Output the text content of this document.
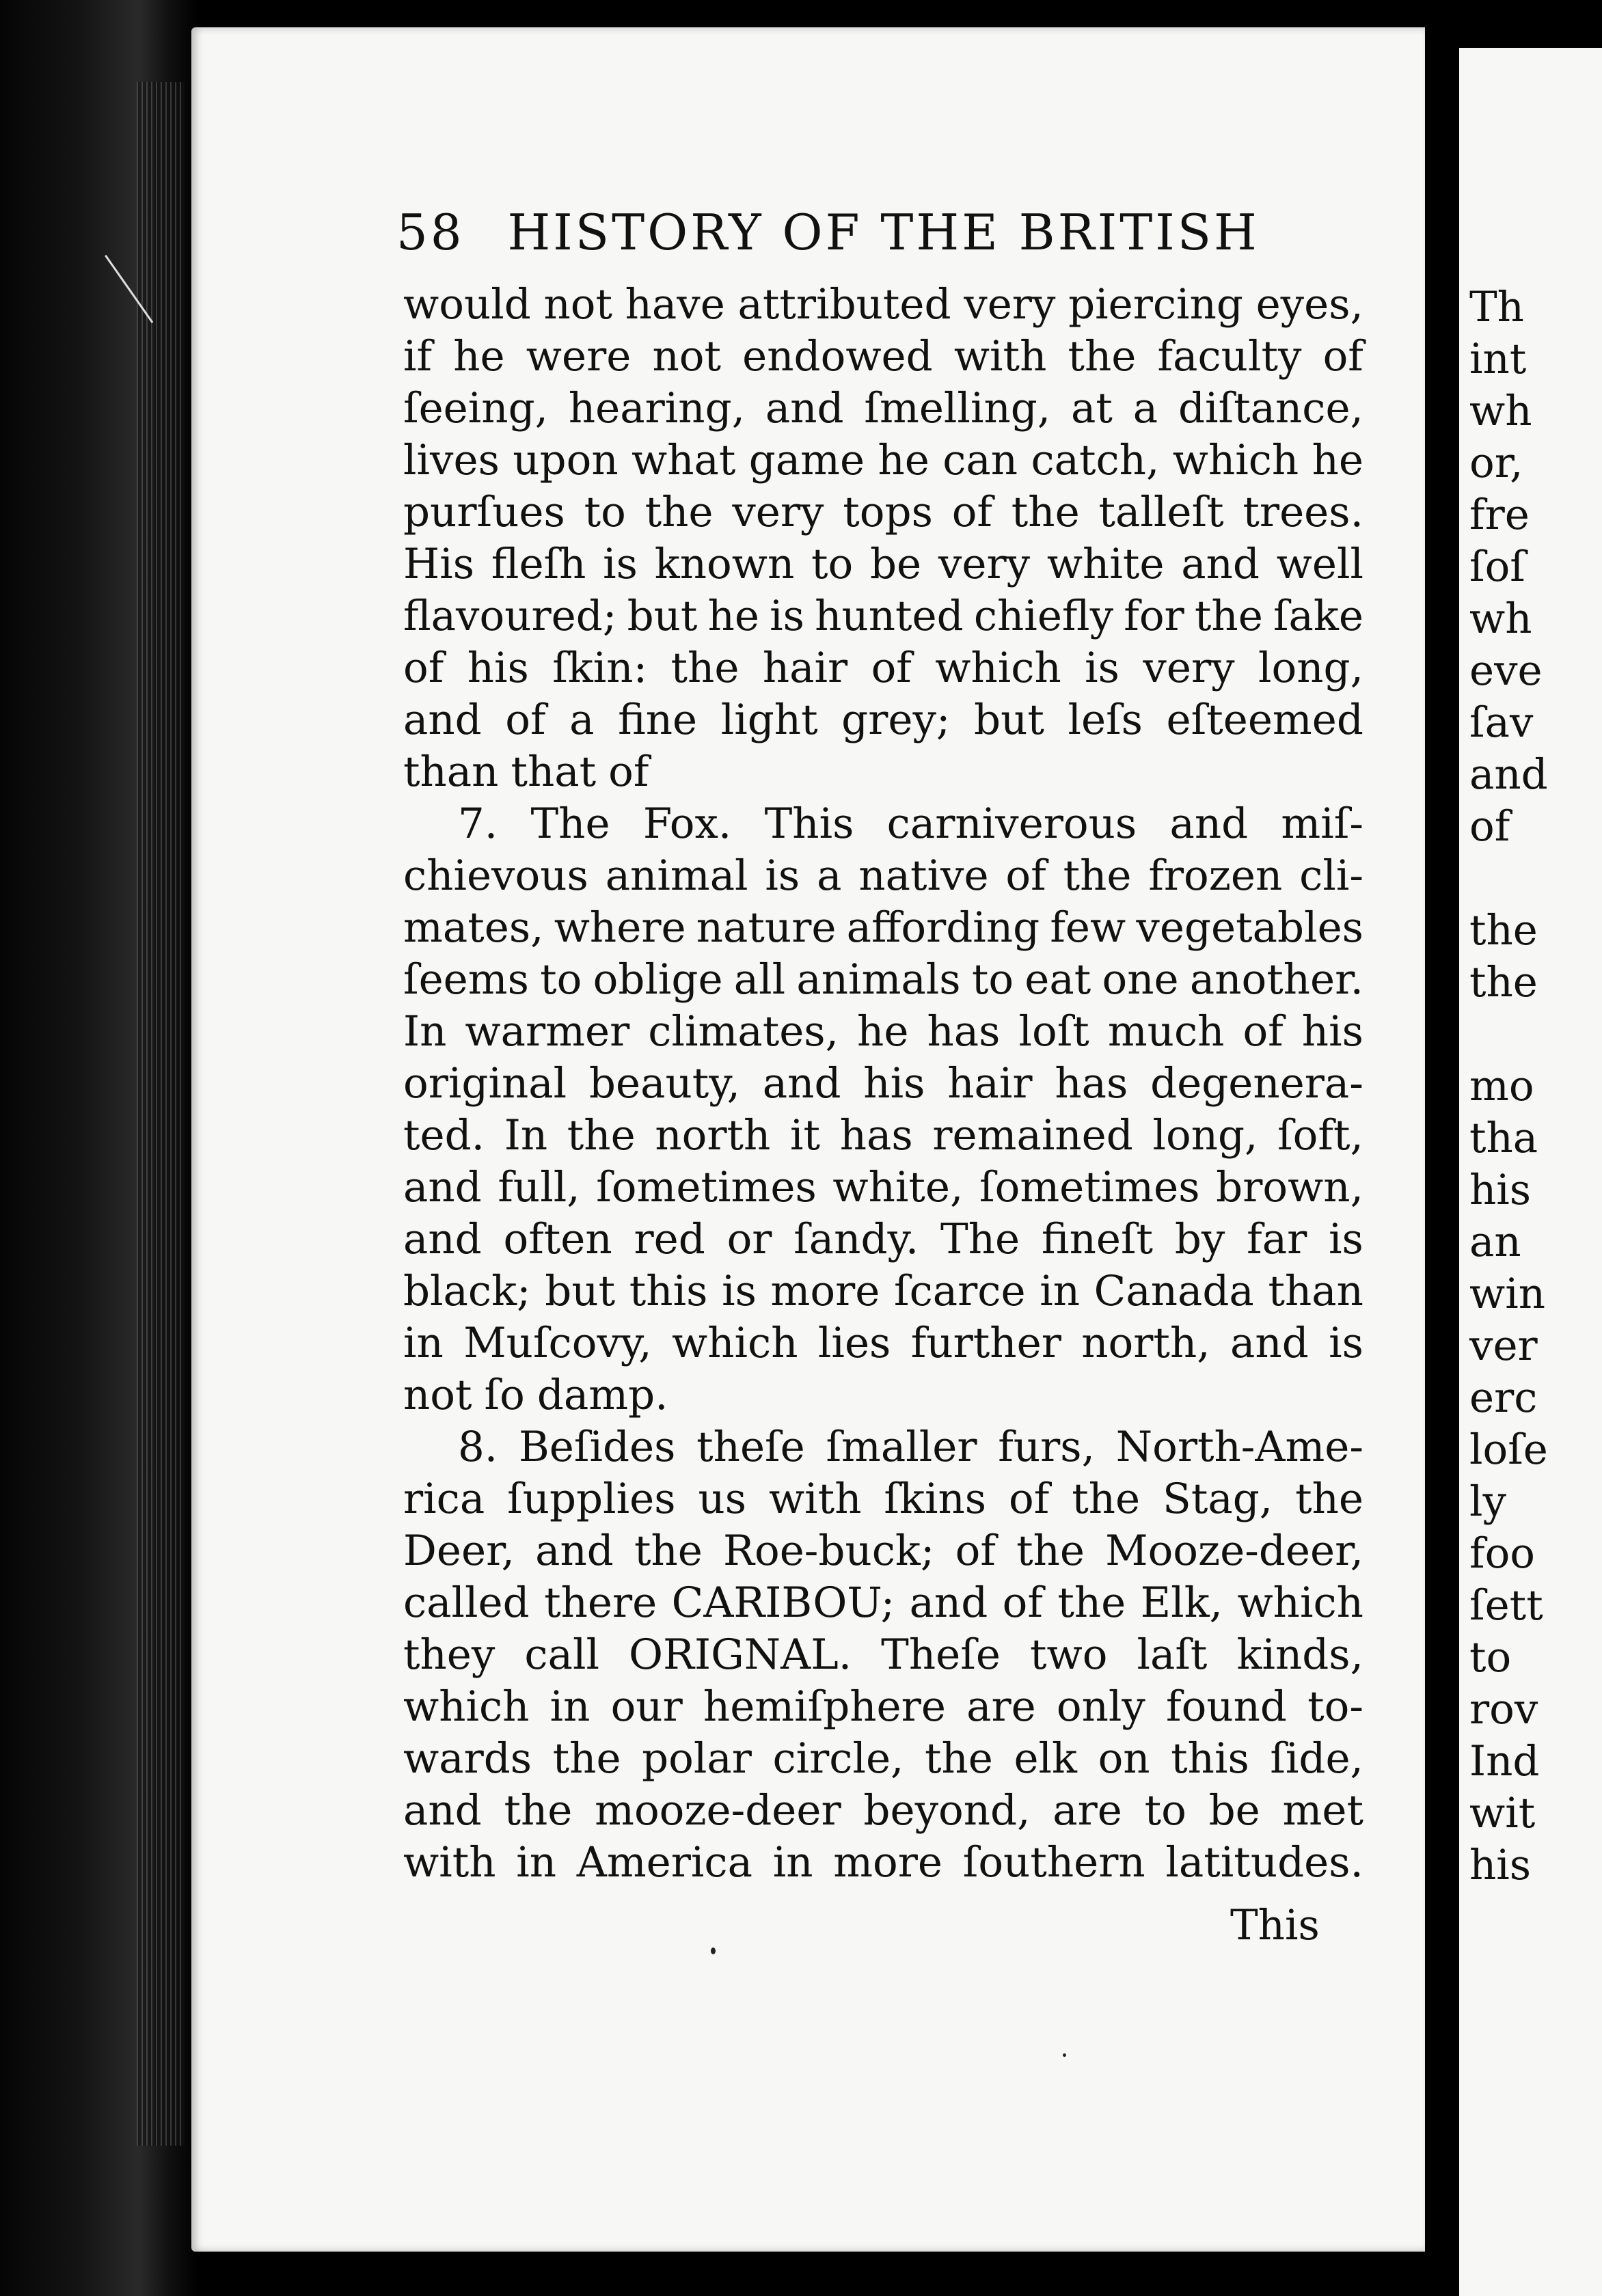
58 HISTORY OF THE BRITISH
would not have attributed very piercing eyes,
if he were not endowed with the faculty of
ſeeing, hearing, and ſmelling, at a diſtance,
lives upon what game he can catch, which he
purſues to the very tops of the talleſt trees.
His fleſh is known to be very white and well
flavoured; but he is hunted chiefly for the ſake
of his ſkin: the hair of which is very long,
and of a fine light grey; but leſs eſteemed
than that of
7. The Fox. This carniverous and miſ-
chievous animal is a native of the frozen cli-
mates, where nature affording few vegetables
ſeems to oblige all animals to eat one another.
In warmer climates, he has loſt much of his
original beauty, and his hair has degenera-
ted. In the north it has remained long, ſoft,
and full, ſometimes white, ſometimes brown,
and often red or ſandy. The fineſt by far is
black; but this is more ſcarce in Canada than
in Muſcovy, which lies further north, and is
not ſo damp.
8. Beſides theſe ſmaller furs, North-Ame-
rica ſupplies us with ſkins of the Stag, the
Deer, and the Roe-buck; of the Mooze-deer,
called there CARIBOU; and of the Elk, which
they call ORIGNAL. Theſe two laſt kinds,
which in our hemiſphere are only found to-
wards the polar circle, the elk on this ſide,
and the mooze-deer beyond, are to be met
with in America in more ſouthern latitudes.
This
Th
int
wh
or,
fre
ſoſ
wh
eve
ſav
and
of
the
the
mo
tha
his
an
win
ver
erc
loſe
ly
foo
ſett
to
rov
Ind
wit
his
